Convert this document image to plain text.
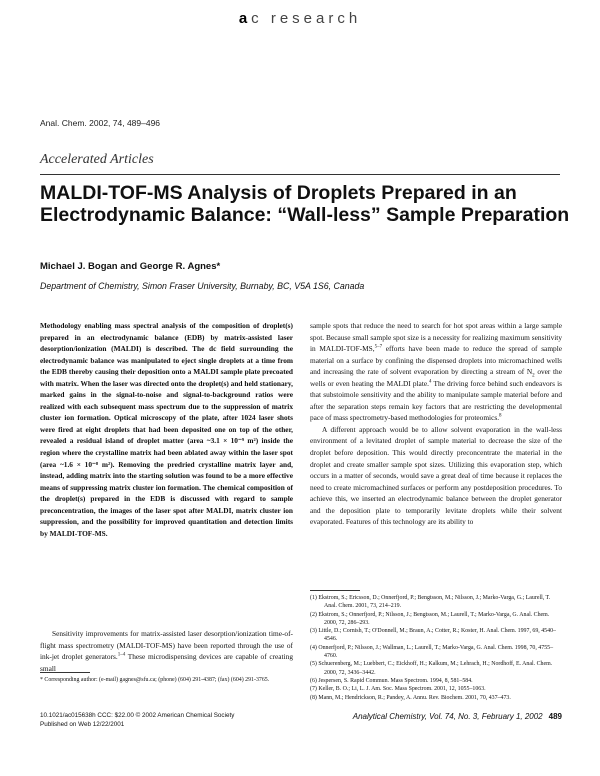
ac research
Anal. Chem. 2002, 74, 489–496
Accelerated Articles
MALDI-TOF-MS Analysis of Droplets Prepared in an Electrodynamic Balance: “Wall-less” Sample Preparation
Michael J. Bogan and George R. Agnes*
Department of Chemistry, Simon Fraser University, Burnaby, BC, V5A 1S6, Canada
Methodology enabling mass spectral analysis of the composition of droplet(s) prepared in an electrodynamic balance (EDB) by matrix-assisted laser desorption/ionization (MALDI) is described. The dc field surrounding the electrodynamic balance was manipulated to eject single droplets at a time from the EDB thereby causing their deposition onto a MALDI sample plate precoated with matrix. When the laser was directed onto the droplet(s) and held stationary, marked gains in the signal-to-noise and signal-to-background ratios were realized with each subsequent mass spectrum due to the suppression of matrix cluster ion formation. Optical microscopy of the plate, after 1024 laser shots were fired at eight droplets that had been deposited one on top of the other, revealed a residual island of droplet matter (area ~3.1 × 10⁻⁹ m²) inside the region where the crystalline matrix had been ablated away within the laser spot (area ~1.6 × 10⁻⁸ m²). Removing the predried crystalline matrix layer and, instead, adding matrix into the starting solution was found to be a more effective means of suppressing matrix cluster ion formation. The chemical composition of the droplet(s) prepared in the EDB is discussed with regard to sample preconcentration, the images of the laser spot after MALDI, matrix cluster ion suppression, and the possibility for improved quantitation and detection limits by MALDI-TOF-MS.

Sensitivity improvements for matrix-assisted laser desorption/ionization time-of-flight mass spectrometry (MALDI-TOF-MS) have been reported through the use of ink-jet droplet generators.$^{1-4}$ These microdispensing devices are capable of creating small

* Corresponding author: (e-mail) gagnes@sfu.ca; (phone) (604) 291-4387; (fax) (604) 291-3765.

sample spots that reduce the need to search for hot spot areas within a large sample spot. Because small sample spot size is a necessity for realizing maximum sensitivity in MALDI-TOF-MS,$^{5-7}$ efforts have been made to reduce the spread of sample material on a surface by confining the dispensed droplets into micromachined wells and increasing the rate of solvent evaporation by directing a stream of $N_2$ over the wells or even heating the MALDI plate.$^4$ The driving force behind such endeavors is that substoimole sensitivity and the ability to manipulate sample material before and after the separation steps remain key factors that are restricting the developmental pace of mass spectrometry-based methodologies for proteomics.$^8$

A different approach would be to allow solvent evaporation in the wall-less environment of a levitated droplet of sample material to decrease the size of the droplet before deposition. This would directly preconcentrate the material in the droplet and create smaller sample spot sizes. Utilizing this evaporation step, which occurs in a matter of seconds, would save a great deal of time because it replaces the need to create micromachined surfaces or perform any postdeposition procedures. To achieve this, we inserted an electrodynamic balance between the droplet generator and the deposition plate to temporarily levitate droplets while their solvent evaporated. Features of this technology are its ability to

(1) Ekstrom, S.; Ericsson, D.; Onnerfjord, P.; Bengtsson, M.; Nilsson, J.; Marko-Varga, G.; Laurell, T. Anal. Chem. 2001, 73, 214–219.
(2) Ekstrom, S.; Onnerfjord, P.; Nilsson, J.; Bengtsson, M.; Laurell, T.; Marko-Varga, G. Anal. Chem. 2000, 72, 286–293.
(3) Little, D.; Cornish, T.; O'Donnell, M.; Braun, A.; Cotter, R.; Koster, H. Anal. Chem. 1997, 69, 4540–4546.
(4) Onnerfjord, P.; Nilsson, J.; Wallman, L.; Laurell, T.; Marko-Varga, G. Anal. Chem. 1998, 70, 4755–4760.
(5) Schuerenberg, M.; Luebbert, C.; Eickhoff, H.; Kalkum, M.; Lehrach, H.; Nordhoff, E. Anal. Chem. 2000, 72, 3436–3442.
(6) Jespersen, S. Rapid Commun. Mass Spectrom. 1994, 8, 581–584.
(7) Keller, B. O.; Li, L. J. Am. Soc. Mass Spectrom. 2001, 12, 1055–1063.
(8) Mann, M.; Hendrickson, R.; Pandey, A. Annu. Rev. Biochem. 2001, 70, 437–473.
10.1021/ac015638h CCC: $22.00 © 2002 American Chemical Society
Published on Web 12/22/2001
Analytical Chemistry, Vol. 74, No. 3, February 1, 2002 489
